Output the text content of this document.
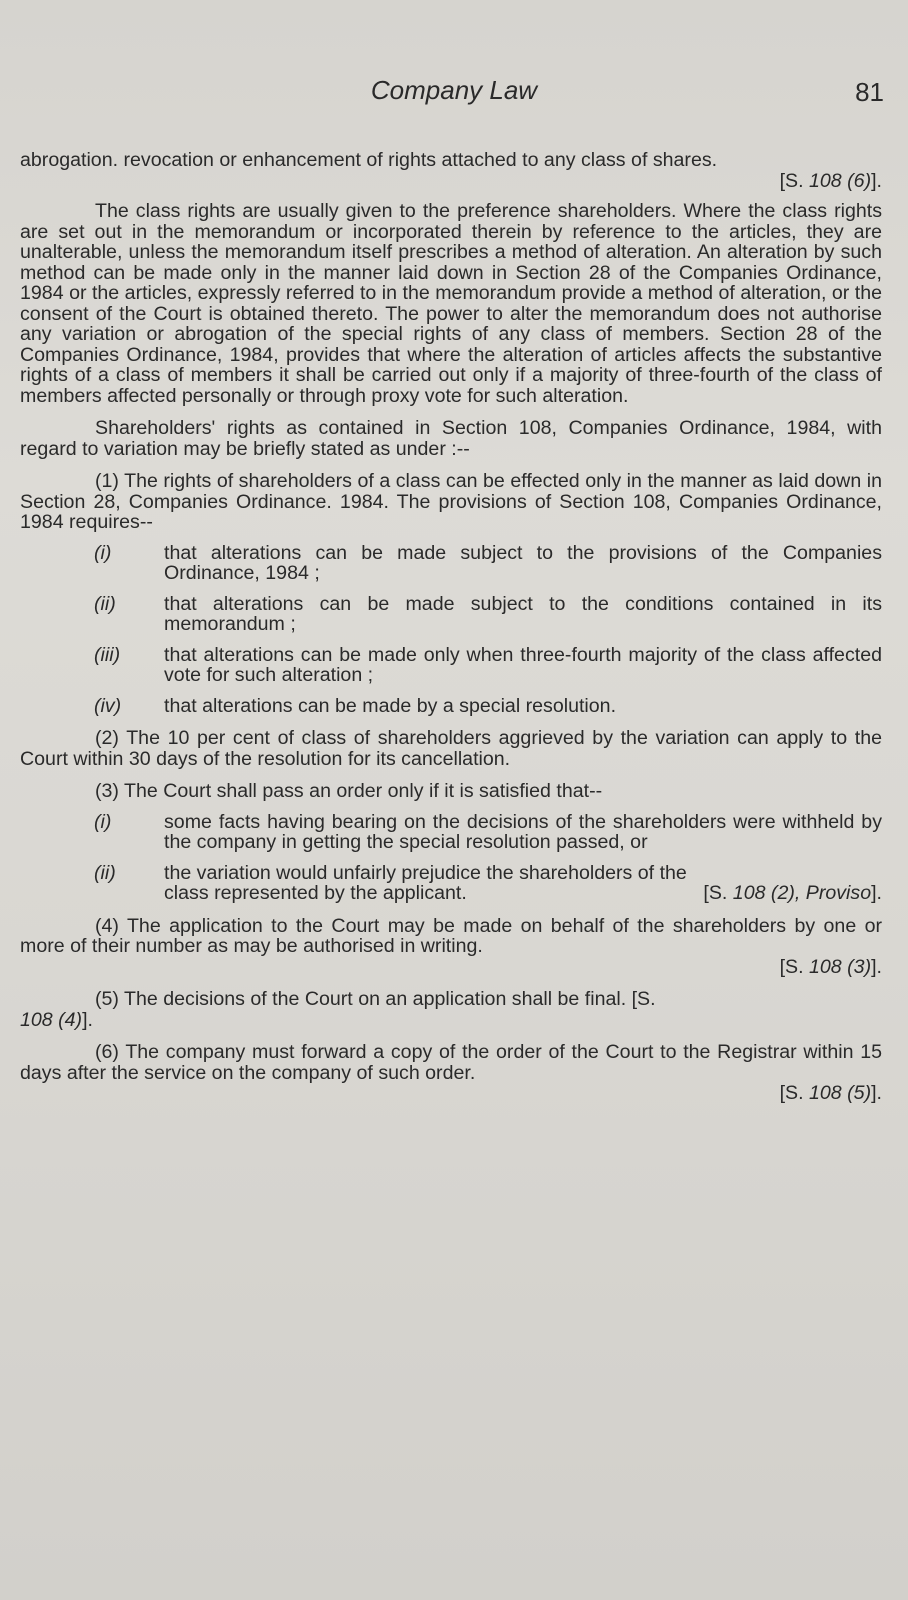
Company Law	81

abrogation. revocation or enhancement of rights attached to any class of shares.

[S. 108 (6)].

The class rights are usually given to the preference shareholders. Where the class rights are set out in the memorandum or incorporated therein by reference to the articles, they are unalterable, unless the memorandum itself prescribes a method of alteration. An alteration by such method can be made only in the manner laid down in Section 28 of the Companies Ordinance, 1984 or the articles, expressly referred to in the memorandum provide a method of alteration, or the consent of the Court is obtained thereto. The power to alter the memorandum does not authorise any variation or abrogation of the special rights of any class of members. Section 28 of the Companies Ordinance, 1984, provides that where the alteration of articles affects the substantive rights of a class of members it shall be carried out only if a majority of three-fourth of the class of members affected personally or through proxy vote for such alteration.

Shareholders' rights as contained in Section 108, Companies Ordinance, 1984, with regard to variation may be briefly stated as under :--

(1) The rights of shareholders of a class can be effected only in the manner as laid down in Section 28, Companies Ordinance. 1984. The provisions of Section 108, Companies Ordinance, 1984 requires--

(i)	that alterations can be made subject to the provisions of the Companies Ordinance, 1984 ;
(ii)	that alterations can be made subject to the conditions contained in its memorandum ;
(iii)	that alterations can be made only when three-fourth majority of the class affected vote for such alteration ;
(iv)	that alterations can be made by a special resolution.

(2) The 10 per cent of class of shareholders aggrieved by the variation can apply to the Court within 30 days of the resolution for its cancellation.

(3) The Court shall pass an order only if it is satisfied that--

(i)	some facts having bearing on the decisions of the shareholders were withheld by the company in getting the special resolution passed, or
(ii)	the variation would unfairly prejudice the shareholders of the
class represented by the applicant.	[S. 108 (2), Proviso].

(4) The application to the Court may be made on behalf of the shareholders by one or more of their number as may be authorised in writing.

[S. 108 (3)].

(5) The decisions of the Court on an application shall be final. [S.

108 (4)].

(6) The company must forward a copy of the order of the Court to the Registrar within 15 days after the service on the company of such order.

[S. 108 (5)].
